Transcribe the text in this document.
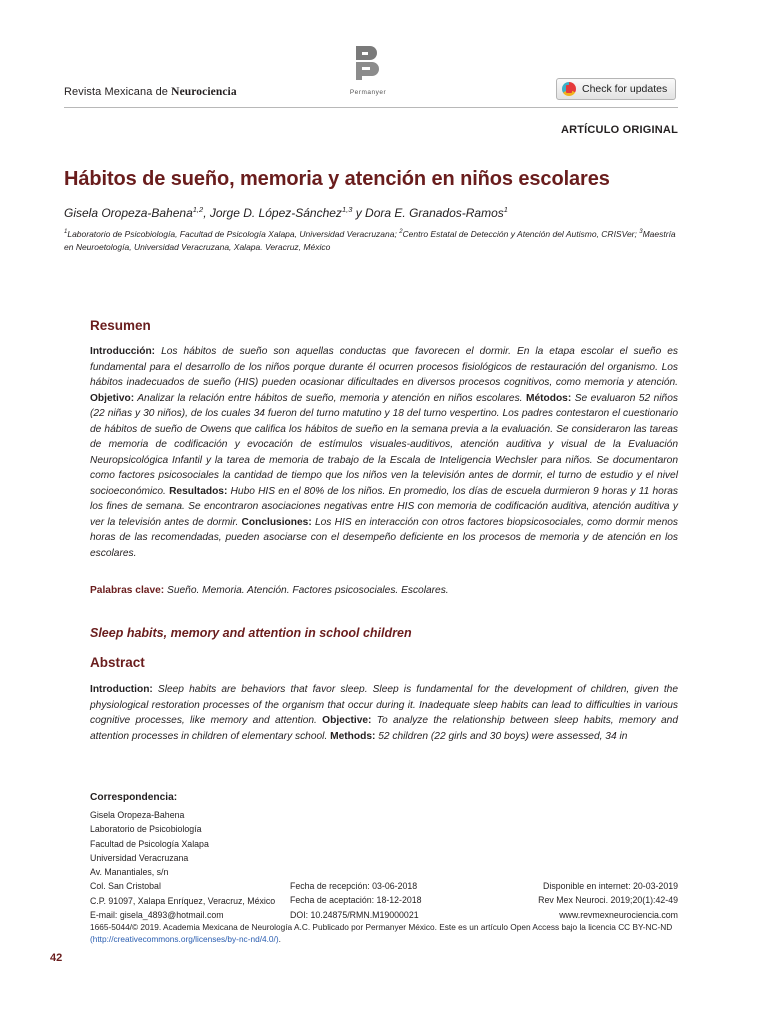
Revista Mexicana de Neurociencia	Permanyer	Check for updates
ARTÍCULO ORIGINAL
Hábitos de sueño, memoria y atención en niños escolares
Gisela Oropeza-Bahena$^{1,2}$, Jorge D. López-Sánchez$^{1,3}$ y Dora E. Granados-Ramos$^1$
$^1$Laboratorio de Psicobiología, Facultad de Psicología Xalapa, Universidad Veracruzana; $^2$Centro Estatal de Detección y Atención del Autismo, CRISVer; $^3$Maestría en Neuroetología, Universidad Veracruzana, Xalapa. Veracruz, México
Resumen
Introducción: Los hábitos de sueño son aquellas conductas que favorecen el dormir. En la etapa escolar el sueño es fundamental para el desarrollo de los niños porque durante él ocurren procesos fisiológicos de restauración del organismo. Los hábitos inadecuados de sueño (HIS) pueden ocasionar dificultades en diversos procesos cognitivos, como memoria y atención. Objetivo: Analizar la relación entre hábitos de sueño, memoria y atención en niños escolares. Métodos: Se evaluaron 52 niños (22 niñas y 30 niños), de los cuales 34 fueron del turno matutino y 18 del turno vespertino. Los padres contestaron el cuestionario de hábitos de sueño de Owens que califica los hábitos de sueño en la semana previa a la evaluación. Se consideraron las tareas de memoria de codificación y evocación de estímulos visuales-auditivos, atención auditiva y visual de la Evaluación Neuropsicológica Infantil y la tarea de memoria de trabajo de la Escala de Inteligencia Wechsler para niños. Se documentaron como factores psicosociales la cantidad de tiempo que los niños ven la televisión antes de dormir, el turno de estudio y el nivel socioeconómico. Resultados: Hubo HIS en el 80% de los niños. En promedio, los días de escuela durmieron 9 horas y 11 horas los fines de semana. Se encontraron asociaciones negativas entre HIS con memoria de codificación auditiva, atención auditiva y ver la televisión antes de dormir. Conclusiones: Los HIS en interacción con otros factores biopsicosociales, como dormir menos horas de las recomendadas, pueden asociarse con el desempeño deficiente en los procesos de memoria y de atención en los escolares.
Palabras clave: Sueño. Memoria. Atención. Factores psicosociales. Escolares.
Sleep habits, memory and attention in school children
Abstract
Introduction: Sleep habits are behaviors that favor sleep. Sleep is fundamental for the development of children, given the physiological restoration processes of the organism that occur during it. Inadequate sleep habits can lead to difficulties in various cognitive processes, like memory and attention. Objective: To analyze the relationship between sleep habits, memory and attention processes in children of elementary school. Methods: 52 children (22 girls and 30 boys) were assessed, 34 in
Correspondencia:
Gisela Oropeza-Bahena
Laboratorio de Psicobiología
Facultad de Psicología Xalapa
Universidad Veracruzana
Av. Manantiales, s/n
Col. San Cristobal
C.P. 91097, Xalapa Enríquez, Veracruz, México
E-mail: gisela_4893@hotmail.com
Fecha de recepción: 03-06-2018
Fecha de aceptación: 18-12-2018
DOI: 10.24875/RMN.M19000021
Disponible en internet: 20-03-2019
Rev Mex Neuroci. 2019;20(1):42-49
www.revmexneurociencia.com
1665-5044/© 2019. Academia Mexicana de Neurología A.C. Publicado por Permanyer México. Este es un artículo Open Access bajo la licencia CC BY-NC-ND (http://creativecommons.org/licenses/by-nc-nd/4.0/).
42
